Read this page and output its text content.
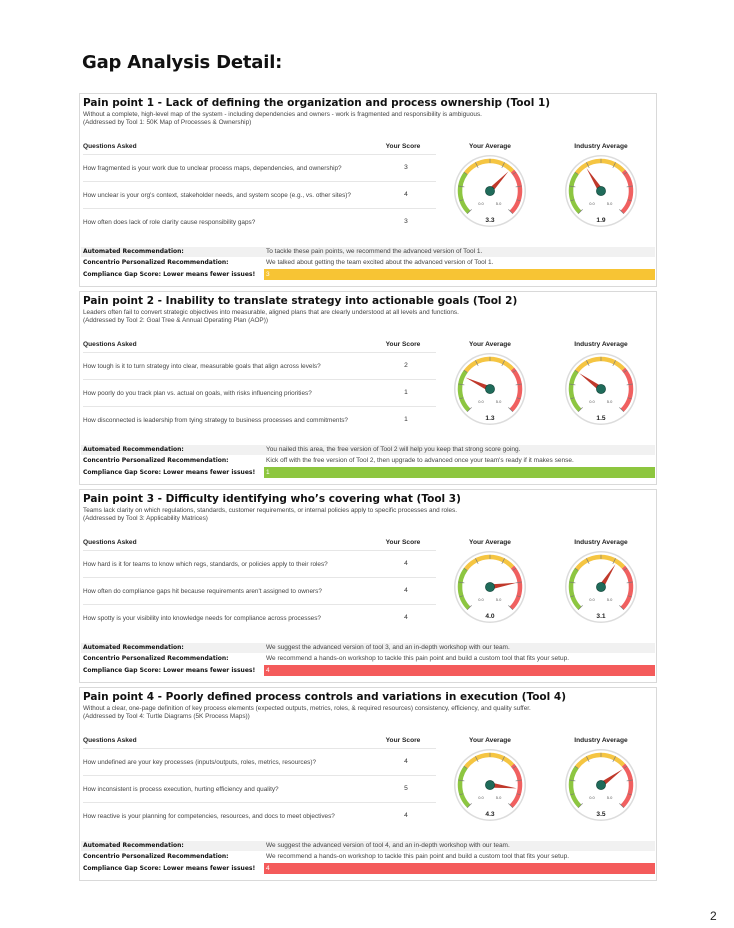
Gap Analysis Detail:
Pain point 1 - Lack of defining the organization and process ownership (Tool 1)
Without a complete, high-level map of the system - including dependencies and owners - work is fragmented and responsibility is ambiguous.
(Addressed by Tool 1: 50K Map of Processes & Ownership)
Questions Asked	Your Score	Your Average	Industry Average
How fragmented is your work due to unclear process maps, dependencies, and ownership?	3
How unclear is your org's context, stakeholder needs, and system scope (e.g., vs. other sites)?	4
How often does lack of role clarity cause responsibility gaps?	3
0.0	5.0
3.3
0.0	5.0
1.9
Automated Recommendation:	To tackle these pain points, we recommend the advanced version of Tool 1.
Concentrio Personalized Recommendation:	We talked about getting the team excited about the advanced version of Tool 1.
Compliance Gap Score: Lower means fewer issues!	3
Pain point 2 - Inability to translate strategy into actionable goals (Tool 2)
Leaders often fail to convert strategic objectives into measurable, aligned plans that are clearly understood at all levels and functions.
(Addressed by Tool 2: Goal Tree & Annual Operating Plan (AOP))
Questions Asked	Your Score	Your Average	Industry Average
How tough is it to turn strategy into clear, measurable goals that align across levels?	2
How poorly do you track plan vs. actual on goals, with risks influencing priorities?	1
How disconnected is leadership from tying strategy to business processes and commitments?	1
0.0	5.0
1.3
0.0	5.0
1.5
Automated Recommendation:	You nailed this area, the free version of Tool 2 will help you keep that strong score going.
Concentrio Personalized Recommendation:	Kick off with the free version of Tool 2, then upgrade to advanced once your team's ready if it makes sense.
Compliance Gap Score: Lower means fewer issues!	1
Pain point 3 - Difficulty identifying who’s covering what (Tool 3)
Teams lack clarity on which regulations, standards, customer requirements, or internal policies apply to specific processes and roles.
(Addressed by Tool 3: Applicability Matrices)
Questions Asked	Your Score	Your Average	Industry Average
How hard is it for teams to know which regs, standards, or policies apply to their roles?	4
How often do compliance gaps hit because requirements aren't assigned to owners?	4
How spotty is your visibility into knowledge needs for compliance across processes?	4
0.0	5.0
4.0
0.0	5.0
3.1
Automated Recommendation:	We suggest the advanced version of tool 3, and an in-depth workshop with our team.
Concentrio Personalized Recommendation:	We recommend a hands-on workshop to tackle this pain point and build a custom tool that fits your setup.
Compliance Gap Score: Lower means fewer issues!	4
Pain point 4 - Poorly defined process controls and variations in execution (Tool 4)
Without a clear, one-page definition of key process elements (expected outputs, metrics, roles, & required resources) consistency, efficiency, and quality suffer.
(Addressed by Tool 4: Turtle Diagrams (5K Process Maps))
Questions Asked	Your Score	Your Average	Industry Average
How undefined are your key processes (inputs/outputs, roles, metrics, resources)?	4
How inconsistent is process execution, hurting efficiency and quality?	5
How reactive is your planning for competencies, resources, and docs to meet objectives?	4
0.0	5.0
4.3
0.0	5.0
3.5
Automated Recommendation:	We suggest the advanced version of tool 4, and an in-depth workshop with our team.
Concentrio Personalized Recommendation:	We recommend a hands-on workshop to tackle this pain point and build a custom tool that fits your setup.
Compliance Gap Score: Lower means fewer issues!	4
2
